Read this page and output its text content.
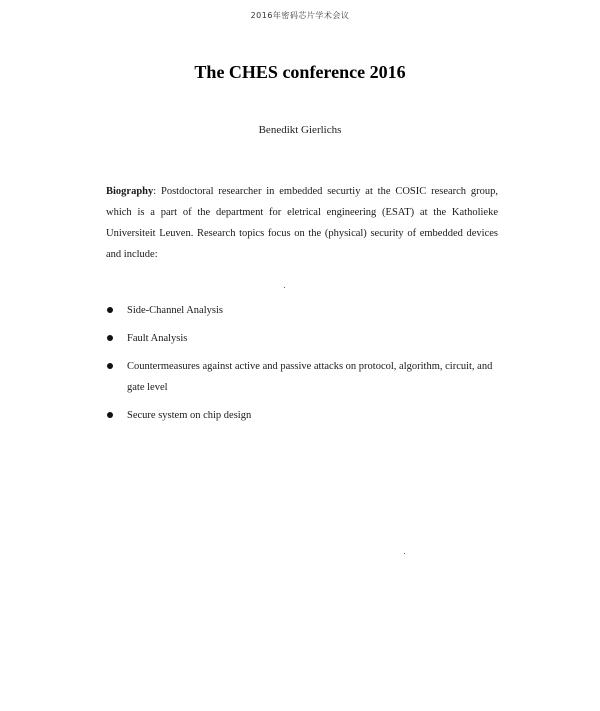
2016年密码芯片学术会议
The CHES conference 2016
Benedikt Gierlichs

Biography: Postdoctoral researcher in embedded securtiy at the COSIC research group, which is a part of the department for eletrical engineering (ESAT) at the Katholieke Universiteit Leuven. Research topics focus on the (physical) security of embedded devices and include:

Side-Channel Analysis
Fault Analysis
Countermeasures against active and passive attacks on protocol, algorithm, circuit, and gate level
Secure system on chip design
